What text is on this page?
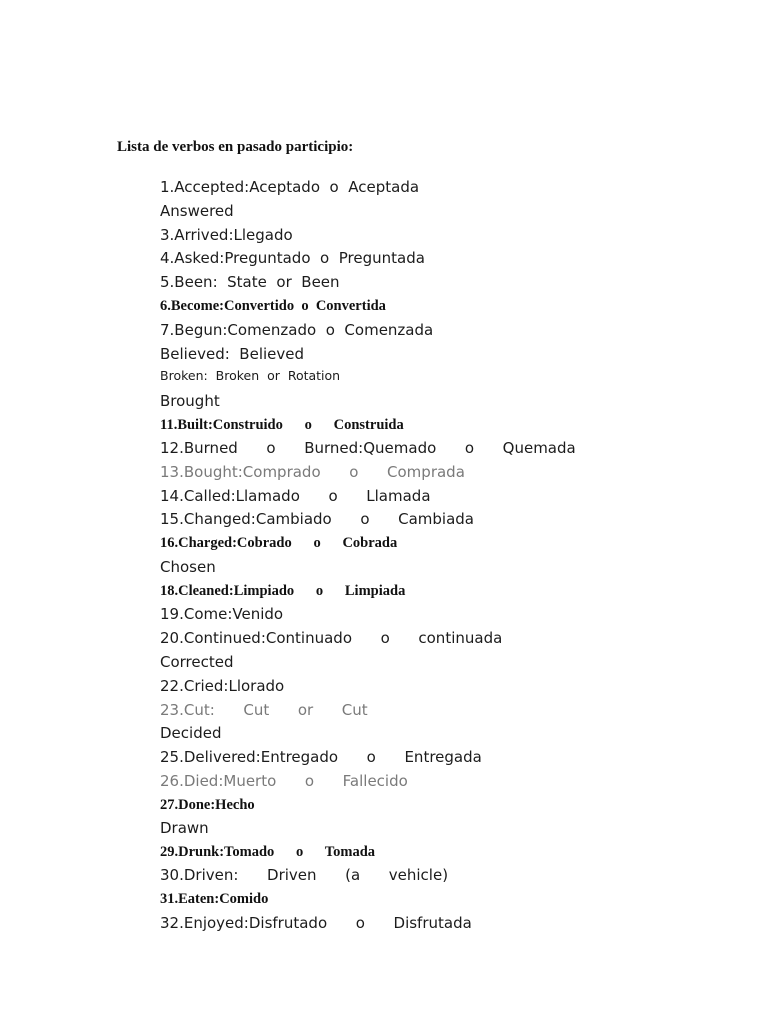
Lista de verbos en pasado participio:
1.Accepted:Aceptado  o  Aceptada
Answered
3.Arrived:Llegado
4.Asked:Preguntado  o  Preguntada
5.Been:  State  or  Been
6.Become:Convertido  o  Convertida
7.Begun:Comenzado  o  Comenzada
Believed:  Believed
Broken:  Broken  or  Rotation
Brought
11.Built:Construido      o      Construida
12.Burned      o      Burned:Quemado      o      Quemada
13.Bought:Comprado      o      Comprada
14.Called:Llamado      o      Llamada
15.Changed:Cambiado      o      Cambiada
16.Charged:Cobrado      o      Cobrada
Chosen
18.Cleaned:Limpiado      o      Limpiada
19.Come:Venido
20.Continued:Continuado      o      continuada
Corrected
22.Cried:Llorado
23.Cut:      Cut      or      Cut
Decided
25.Delivered:Entregado      o      Entregada
26.Died:Muerto      o      Fallecido
27.Done:Hecho
Drawn
29.Drunk:Tomado      o      Tomada
30.Driven:      Driven      (a      vehicle)
31.Eaten:Comido
32.Enjoyed:Disfrutado      o      Disfrutada
